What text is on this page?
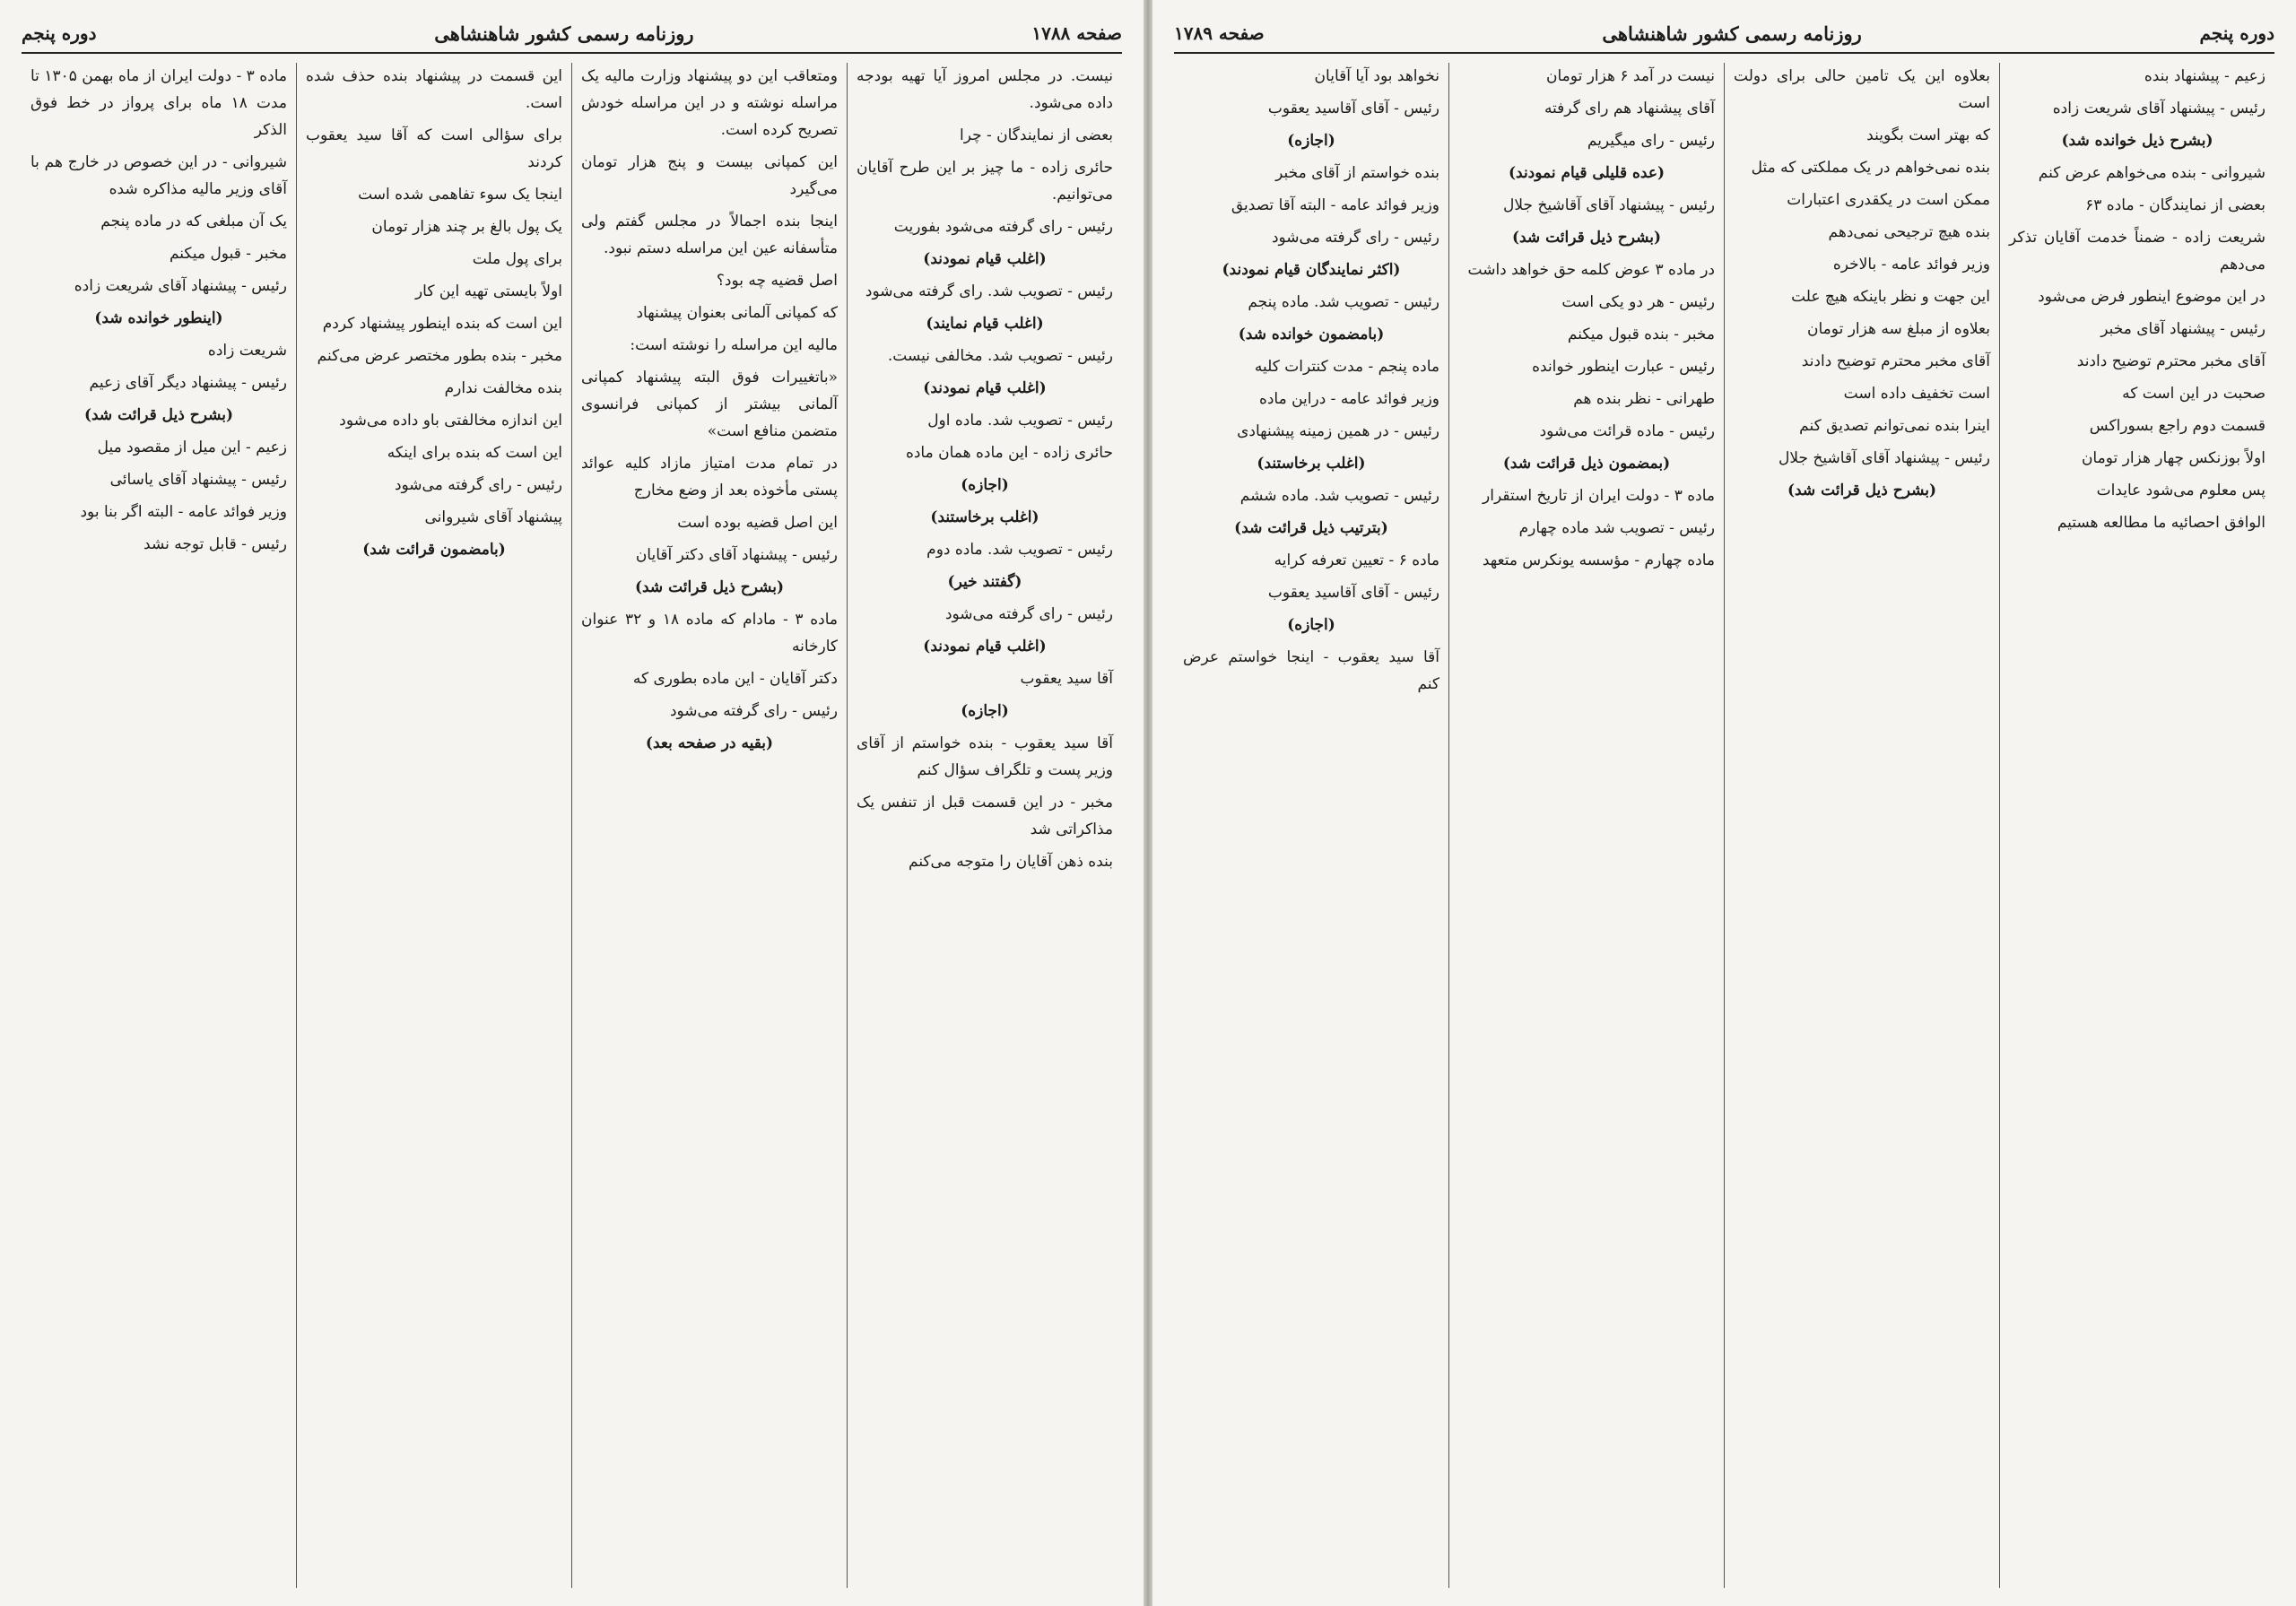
صفحه ۱۷۸۸
روزنامه رسمی کشور شاهنشاهی
دوره پنجم

نیست. در مجلس امروز آیا تهیه بودجه داده می‌شود.

بعضی از نمایندگان - چرا

حائری زاده - ما چیز بر این طرح آقایان می‌توانیم.

رئیس - رای گرفته می‌شود بفوریت

(اغلب قیام نمودند)

رئیس - تصویب شد. رای گرفته می‌شود

(اغلب قیام نمایند)

رئیس - تصویب شد. مخالفی نیست.

(اغلب قیام نمودند)

رئیس - تصویب شد. ماده اول

حائری زاده - این ماده همان ماده

(اجازه)

(اغلب برخاستند)

رئیس - تصویب شد. ماده دوم

(گفتند خیر)

رئیس - رای گرفته می‌شود

(اغلب قیام نمودند)

آقا سید یعقوب

(اجازه)

آقا سید یعقوب - بنده خواستم از آقای وزیر پست و تلگراف سؤال کنم

مخبر - در این قسمت قبل از تنفس یک مذاکراتی شد

بنده ذهن آقایان را متوجه می‌کنم

ومتعاقب این دو پیشنهاد وزارت مالیه یک مراسله نوشته و در این مراسله خودش تصریح کرده است.

این کمپانی بیست و پنج هزار تومان می‌گیرد

اینجا بنده اجمالاً در مجلس گفتم ولی متأسفانه عین این مراسله دستم نبود.

اصل قضیه چه بود؟

که کمپانی آلمانی بعنوان پیشنهاد

مالیه این مراسله را نوشته است:

«باتغییرات فوق البته پیشنهاد کمپانی آلمانی بیشتر از کمپانی فرانسوی متضمن منافع است»

در تمام مدت امتیاز مازاد کلیه عوائد پستی مأخوذه بعد از وضع مخارج

این اصل قضیه بوده است

رئیس - پیشنهاد آقای دکتر آقایان

(بشرح ذیل قرائت شد)

ماده ۳ - مادام که ماده ۱۸ و ۳۲ عنوان کارخانه

دکتر آقایان - این ماده بطوری که

رئیس - رای گرفته می‌شود

(بقیه در صفحه بعد)

این قسمت در پیشنهاد بنده حذف شده است.

برای سؤالی است که آقا سید یعقوب کردند

اینجا یک سوء تفاهمی شده است

یک پول بالغ بر چند هزار تومان

برای پول ملت

اولاً بایستی تهیه این کار

این است که بنده اینطور پیشنهاد کردم

مخبر - بنده بطور مختصر عرض می‌کنم

بنده مخالفت ندارم

این اندازه مخالفتی باو داده می‌شود

این است که بنده برای اینکه

رئیس - رای گرفته می‌شود

پیشنهاد آقای شیروانی

(بامضمون قرائت شد)

ماده ۳ - دولت ایران از ماه بهمن ۱۳۰۵ تا مدت ۱۸ ماه برای پرواز در خط فوق الذکر

شیروانی - در این خصوص در خارج هم با آقای وزیر مالیه مذاکره شده

یک آن مبلغی که در ماده پنجم

مخبر - قبول میکنم

رئیس - پیشنهاد آقای شریعت زاده

(اینطور خوانده شد)

شریعت زاده

رئیس - پیشنهاد دیگر آقای زعیم

(بشرح ذیل قرائت شد)

زعیم - این میل از مقصود میل

رئیس - پیشنهاد آقای یاسائی

وزیر فوائد عامه - البته اگر بنا بود

رئیس - قابل توجه نشد

دوره پنجم
روزنامه رسمی کشور شاهنشاهی
صفحه ۱۷۸۹

زعیم - پیشنهاد بنده

رئیس - پیشنهاد آقای شریعت زاده

(بشرح ذیل خوانده شد)

شیروانی - بنده می‌خواهم عرض کنم

بعضی از نمایندگان - ماده ۶۳

شریعت زاده - ضمناً خدمت آقایان تذکر می‌دهم

در این موضوع اینطور فرض می‌شود

رئیس - پیشنهاد آقای مخبر

آقای مخبر محترم توضیح دادند

صحبت در این است که

قسمت دوم راجع بسوراکس

اولاً بوزنکس چهار هزار تومان

پس معلوم می‌شود عایدات

الوافق احصائیه ما مطالعه هستیم

بعلاوه این یک تامین حالی برای دولت است

که بهتر است بگویند

بنده نمی‌خواهم در یک مملکتی که مثل

ممکن است در یکقدری اعتبارات

بنده هیچ ترجیحی نمی‌دهم

وزیر فوائد عامه - بالاخره

این جهت و نظر باینکه هیچ علت

بعلاوه از مبلغ سه هزار تومان

آقای مخبر محترم توضیح دادند

است تخفیف داده است

اینرا بنده نمی‌توانم تصدیق کنم

رئیس - پیشنهاد آقای آقاشیخ جلال

(بشرح ذیل قرائت شد)

نیست در آمد ۶ هزار تومان

آقای پیشنهاد هم رای گرفته

رئیس - رای میگیریم

(عده قلیلی قیام نمودند)

رئیس - پیشنهاد آقای آقاشیخ جلال

(بشرح ذیل قرائت شد)

در ماده ۳ عوض کلمه حق خواهد داشت

رئیس - هر دو یکی است

مخبر - بنده قبول میکنم

رئیس - عبارت اینطور خوانده

طهرانی - نظر بنده هم

رئیس - ماده قرائت می‌شود

(بمضمون ذیل قرائت شد)

ماده ۳ - دولت ایران از تاریخ استقرار

رئیس - تصویب شد ماده چهارم

ماده چهارم - مؤسسه یونکرس متعهد

نخواهد بود آیا آقایان

رئیس - آقای آقاسید یعقوب

(اجازه)

بنده خواستم از آقای مخبر

وزیر فوائد عامه - البته آقا تصدیق

رئیس - رای گرفته می‌شود

(اکثر نمایندگان قیام نمودند)

رئیس - تصویب شد. ماده پنجم

(بامضمون خوانده شد)

ماده پنجم - مدت کنترات کلیه

وزیر فوائد عامه - دراین ماده

رئیس - در همین زمینه پیشنهادی

(اغلب برخاستند)

رئیس - تصویب شد. ماده ششم

(بترتیب ذیل قرائت شد)

ماده ۶ - تعیین تعرفه کرایه

رئیس - آقای آقاسید یعقوب

(اجازه)

آقا سید یعقوب - اینجا خواستم عرض کنم
